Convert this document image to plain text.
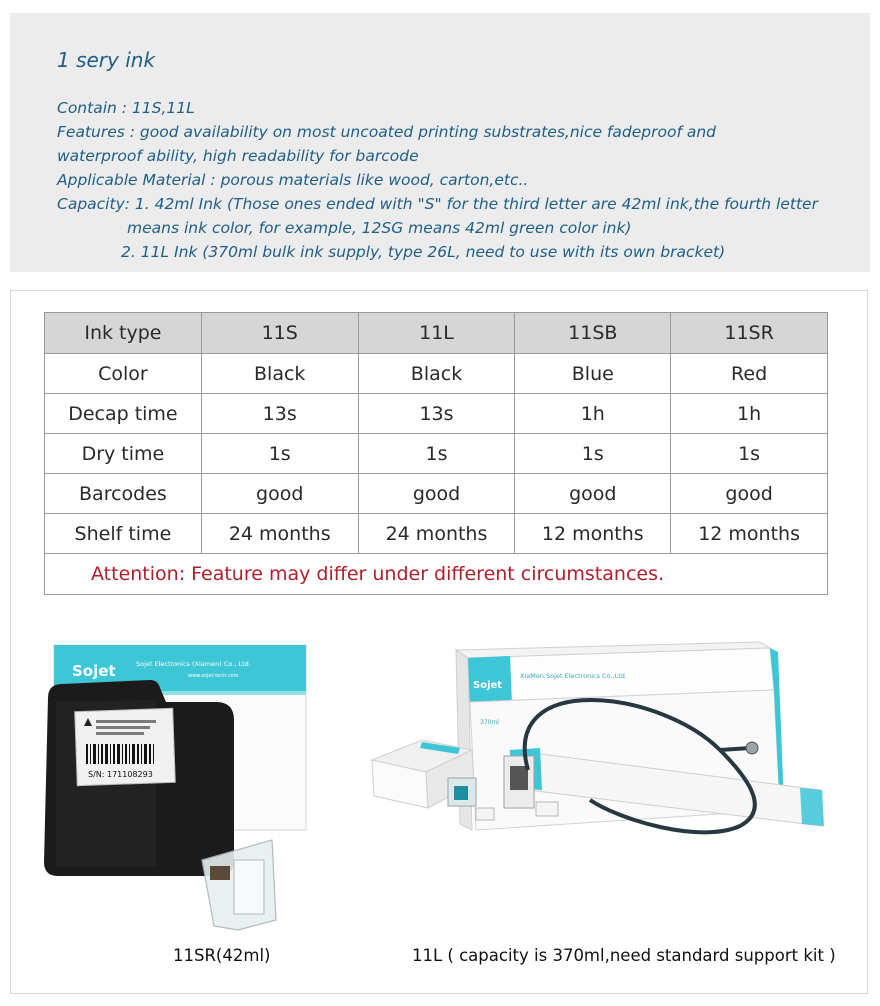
1 sery ink
Contain : 11S,11L
Features : good availability on most uncoated printing substrates,nice fadeproof and
waterproof ability, high readability for barcode
Applicable Material : porous materials like wood, carton,etc..
Capacity: 1. 42ml Ink (Those ones ended with "S" for the third letter are 42ml ink,the fourth letter
means ink color, for example, 12SG means 42ml green color ink)
2. 11L Ink (370ml bulk ink supply, type 26L, need to use with its own bracket)
Ink type	11S	11L	11SB	11SR
Color	Black	Black	Blue	Red
Decap time	13s	13s	1h	1h
Dry time	1s	1s	1s	1s
Barcodes	good	good	good	good
Shelf time	24 months	24 months	12 months	12 months
Attention: Feature may differ under different circumstances.				
Sojet	Sojet Electronics (Xiamen) Co., Ltd.
www.sojet-tech.com
S/N: 171108293
Sojet
XiaMen Sojet Electronics Co.,Ltd.
370ml
11SR(42ml)	11L ( capacity is 370ml,need standard support kit )
